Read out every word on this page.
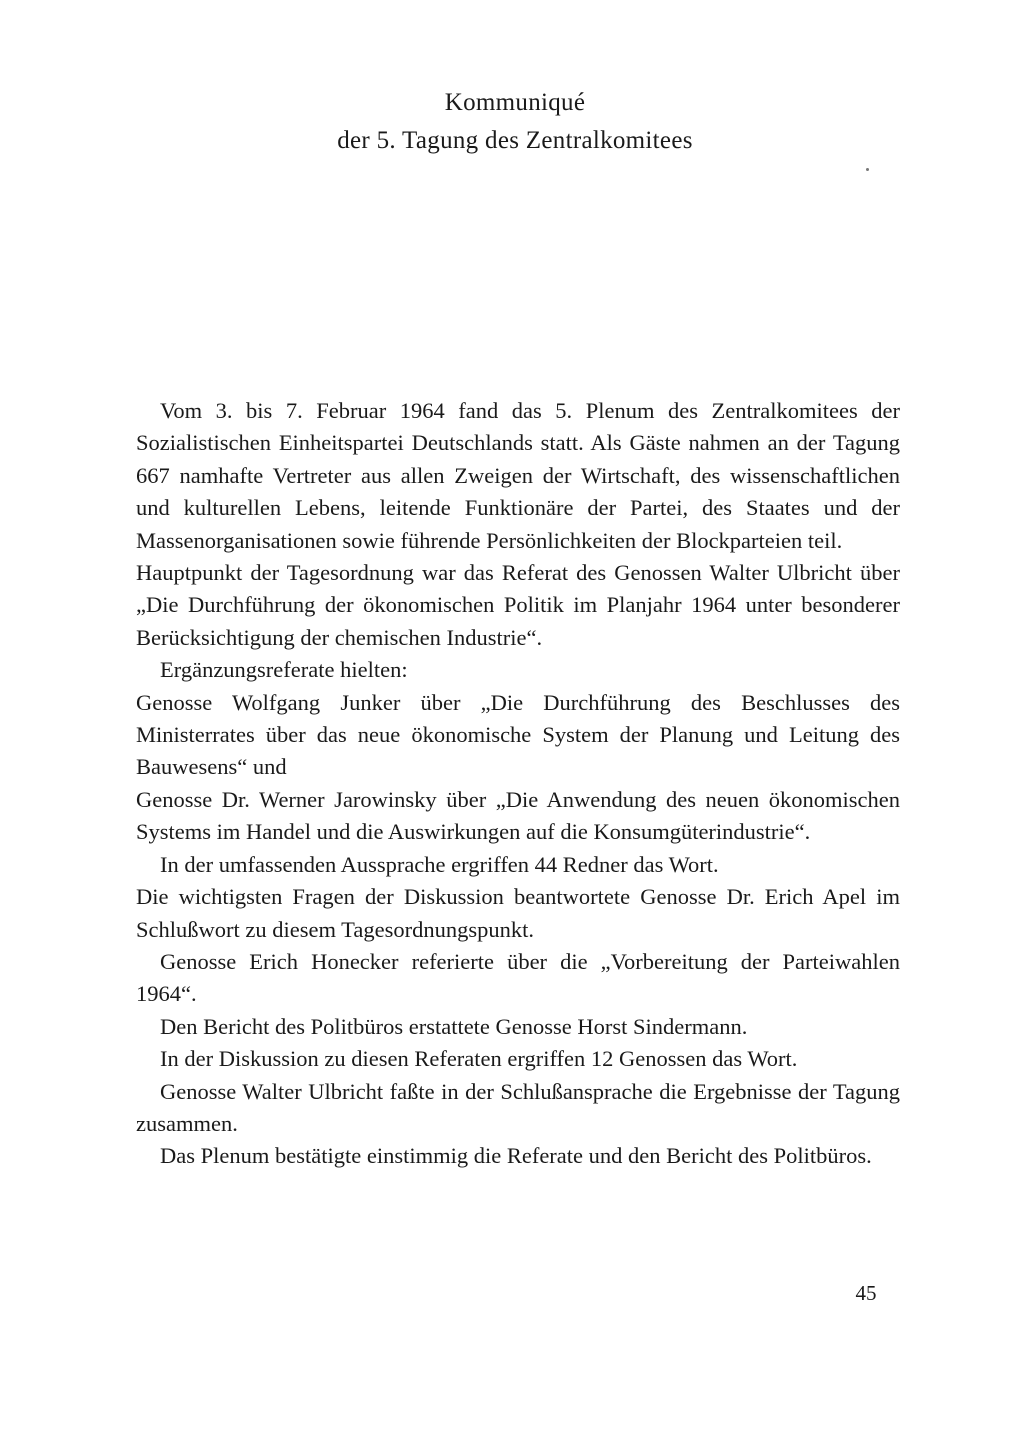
Kommuniqué
der 5. Tagung des Zentralkomitees

Vom 3. bis 7. Februar 1964 fand das 5. Plenum des Zentralkomitees der Sozialistischen Einheitspartei Deutschlands statt. Als Gäste nahmen an der Tagung 667 namhafte Vertreter aus allen Zweigen der Wirtschaft, des wissenschaftlichen und kulturellen Lebens, leitende Funktionäre der Partei, des Staates und der Massenorganisationen sowie führende Persönlichkeiten der Blockparteien teil.

Hauptpunkt der Tagesordnung war das Referat des Genossen Walter Ulbricht über „Die Durchführung der ökonomischen Politik im Planjahr 1964 unter besonderer Berücksichtigung der chemischen Industrie“.

Ergänzungsreferate hielten:

Genosse Wolfgang Junker über „Die Durchführung des Beschlusses des Ministerrates über das neue ökonomische System der Planung und Leitung des Bauwesens“ und

Genosse Dr. Werner Jarowinsky über „Die Anwendung des neuen ökonomischen Systems im Handel und die Auswirkungen auf die Konsumgüterindustrie“.

In der umfassenden Aussprache ergriffen 44 Redner das Wort.

Die wichtigsten Fragen der Diskussion beantwortete Genosse Dr. Erich Apel im Schlußwort zu diesem Tagesordnungspunkt.

Genosse Erich Honecker referierte über die „Vorbereitung der Parteiwahlen 1964“.

Den Bericht des Politbüros erstattete Genosse Horst Sindermann.

In der Diskussion zu diesen Referaten ergriffen 12 Genossen das Wort.

Genosse Walter Ulbricht faßte in der Schlußansprache die Ergebnisse der Tagung zusammen.

Das Plenum bestätigte einstimmig die Referate und den Bericht des Politbüros.

45
